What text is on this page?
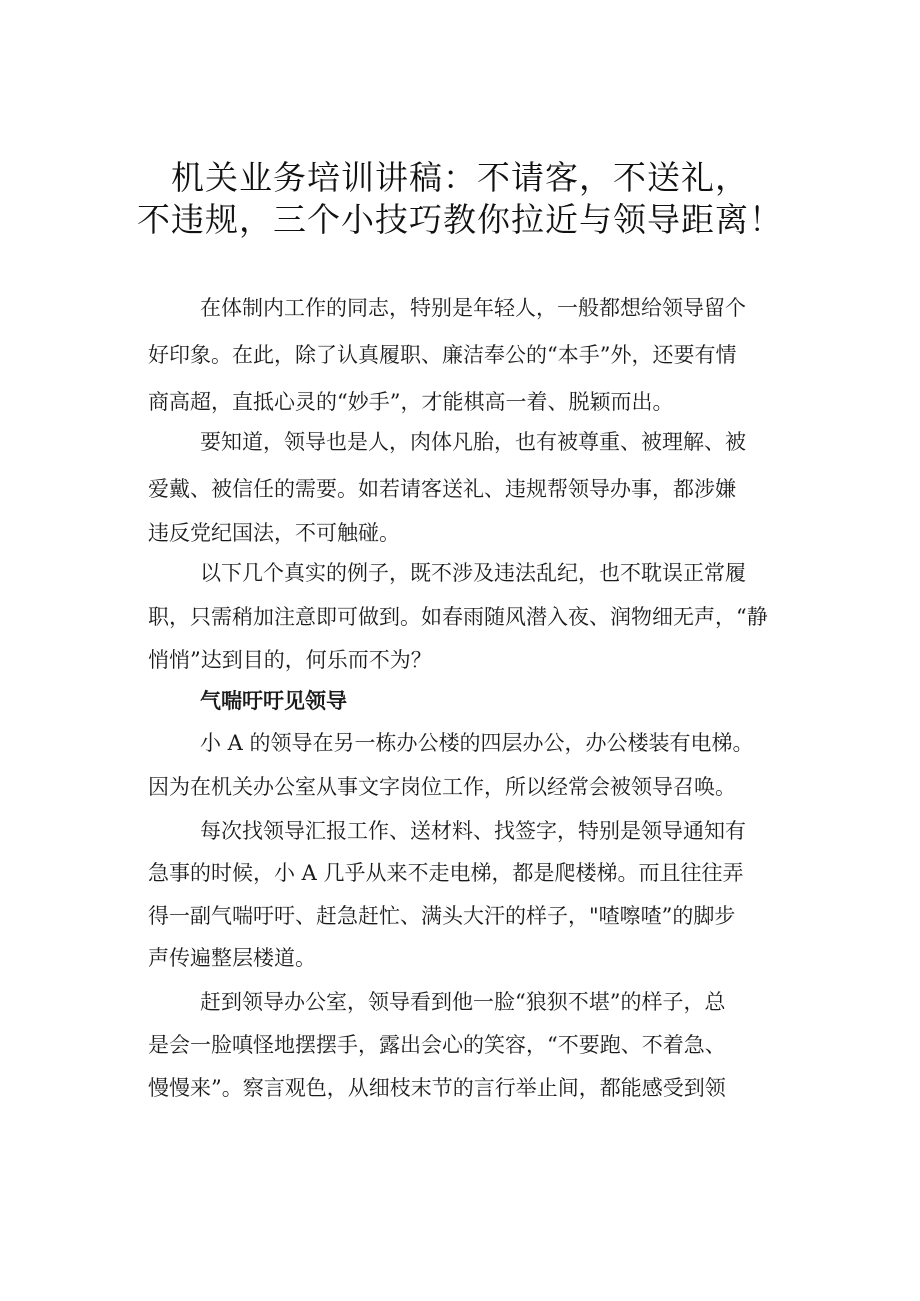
机关业务培训讲稿：不请客，不送礼，
不违规，三个小技巧教你拉近与领导距离！

在体制内工作的同志，特别是年轻人，一般都想给领导留个

好印象。在此，除了认真履职、廉洁奉公的“本手”外，还要有情

商高超，直抵心灵的“妙手”，才能棋高一着、脱颖而出。

要知道，领导也是人，肉体凡胎，也有被尊重、被理解、被

爱戴、被信任的需要。如若请客送礼、违规帮领导办事，都涉嫌

违反党纪国法，不可触碰。

以下几个真实的例子，既不涉及违法乱纪，也不耽误正常履

职，只需稍加注意即可做到。如春雨随风潜入夜、润物细无声，“静

悄悄”达到目的，何乐而不为？

气喘吁吁见领导

小 A 的领导在另一栋办公楼的四层办公，办公楼装有电梯。

因为在机关办公室从事文字岗位工作，所以经常会被领导召唤。

每次找领导汇报工作、送材料、找签字，特别是领导通知有

急事的时候，小 A 几乎从来不走电梯，都是爬楼梯。而且往往弄

得一副气喘吁吁、赶急赶忙、满头大汗的样子，"喳嚓喳”的脚步

声传遍整层楼道。

赶到领导办公室，领导看到他一脸“狼狈不堪”的样子，总

是会一脸嗔怪地摆摆手，露出会心的笑容，“不要跑、不着急、

慢慢来”。察言观色，从细枝末节的言行举止间，都能感受到领
